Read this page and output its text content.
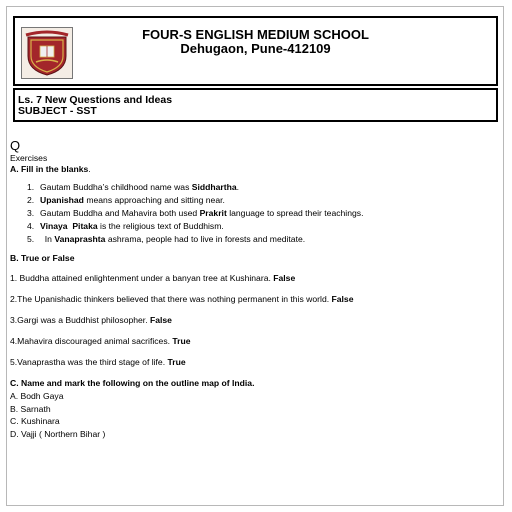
FOUR-S ENGLISH MEDIUM SCHOOL
Dehugaon, Pune-412109
Ls. 7 New Questions and Ideas
SUBJECT - SST

Q

Exercises

A. Fill in the blanks.

1. Gautam Buddha’s childhood name was Siddhartha.
2. Upanishad means approaching and sitting near.
3. Gautam Buddha and Mahavira both used Prakrit language to spread their teachings.
4. Vinaya  Pitaka is the religious text of Buddhism.
5. In Vanaprashta ashrama, people had to live in forests and meditate.

B. True or False

1. Buddha attained enlightenment under a banyan tree at Kushinara. False

2.The Upanishadic thinkers believed that there was nothing permanent in this world. False

3.Gargi was a Buddhist philosopher. False

4.Mahavira discouraged animal sacrifices. True

5.Vanaprastha was the third stage of life. True

C. Name and mark the following on the outline map of India.

A. Bodh Gaya

B. Sarnath

C. Kushinara

D. Vajji ( Northern Bihar )
